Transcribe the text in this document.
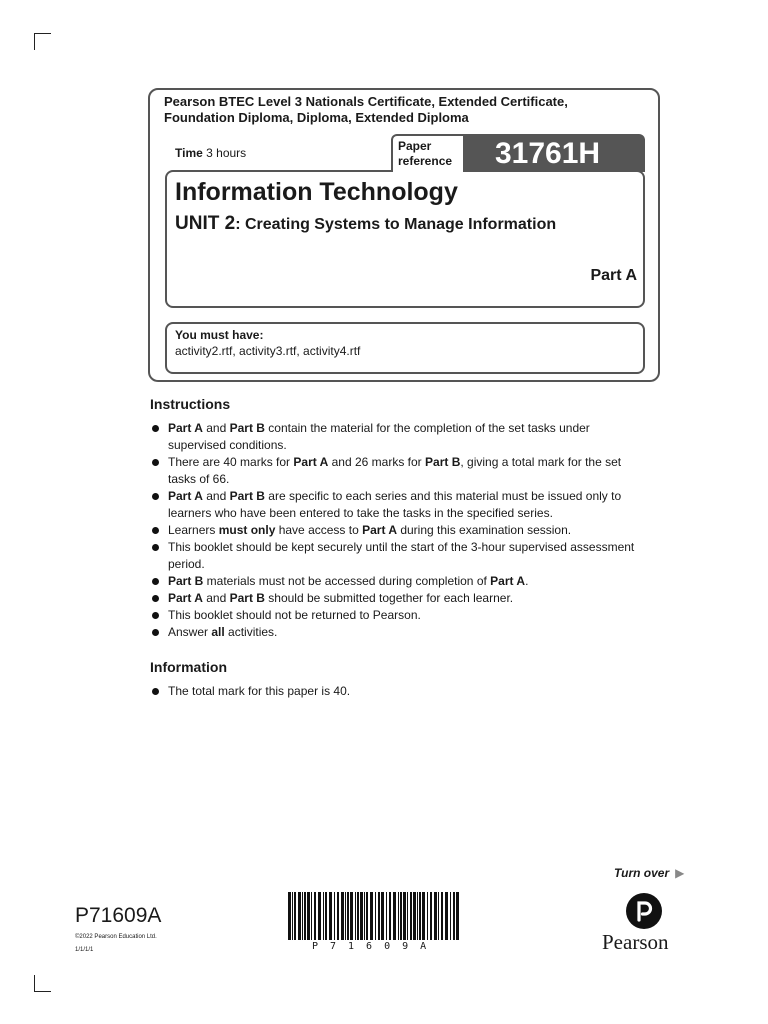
Pearson BTEC Level 3 Nationals Certificate, Extended Certificate,
Foundation Diploma, Diploma, Extended Diploma
Time 3 hours	Paper
reference	31761H
Information Technology
UNIT 2: Creating Systems to Manage Information
Part A
You must have:
activity2.rtf, activity3.rtf, activity4.rtf
Instructions
Part A and Part B contain the material for the completion of the set tasks under supervised conditions.
There are 40 marks for Part A and 26 marks for Part B, giving a total mark for the set tasks of 66.
Part A and Part B are specific to each series and this material must be issued only to learners who have been entered to take the tasks in the specified series.
Learners must only have access to Part A during this examination session.
This booklet should be kept securely until the start of the 3-hour supervised assessment period.
Part B materials must not be accessed during completion of Part A.
Part A and Part B should be submitted together for each learner.
This booklet should not be returned to Pearson.
Answer all activities.
Information
The total mark for this paper is 40.
Turn over ▶
P71609A
©2022 Pearson Education Ltd.
1/1/1/1	P71609A	Pearson
